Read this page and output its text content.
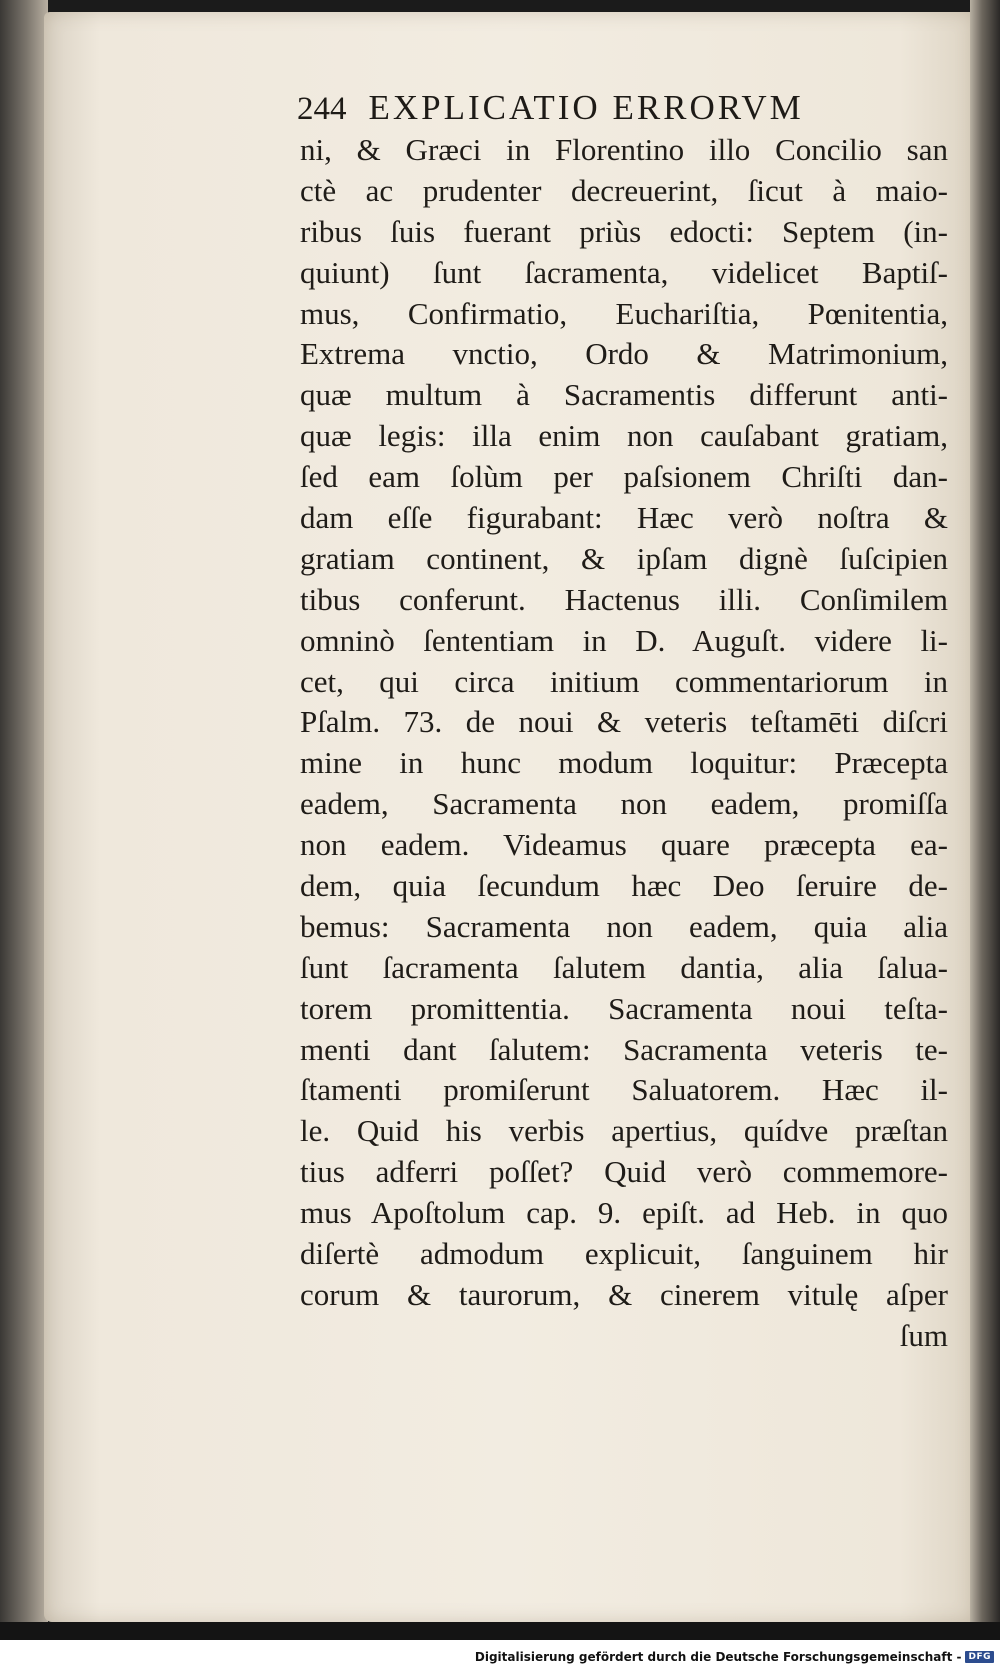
244 EXPLICATIO ERRORVM
ni, & Græci in Florentino illo Concilio san
ctè ac prudenter decreuerint, ſicut à maio-
ribus ſuis fuerant priùs edocti: Septem (in-
quiunt) ſunt ſacramenta, videlicet Baptiſ-
mus, Confirmatio, Euchariſtia, Pœnitentia,
Extrema vnctio, Ordo & Matrimonium,
quæ multum à Sacramentis differunt anti-
quæ legis: illa enim non cauſabant gratiam,
ſed eam ſolùm per paſsionem Chriſti dan-
dam eſſe figurabant: Hæc verò noſtra &
gratiam continent, & ipſam dignè ſuſcipien
tibus conferunt. Hactenus illi. Conſimilem
omninò ſententiam in D. Auguſt. videre li-
cet, qui circa initium commentariorum in
Pſalm. 73. de noui & veteris teſtamēti diſcri
mine in hunc modum loquitur: Præcepta
eadem, Sacramenta non eadem, promiſſa
non eadem. Videamus quare præcepta ea-
dem, quia ſecundum hæc Deo ſeruire de-
bemus: Sacramenta non eadem, quia alia
ſunt ſacramenta ſalutem dantia, alia ſalua-
torem promittentia. Sacramenta noui teſta-
menti dant ſalutem: Sacramenta veteris te-
ſtamenti promiſerunt Saluatorem. Hæc il-
le. Quid his verbis apertius, quídve præſtan
tius adferri poſſet? Quid verò commemore-
mus Apoſtolum cap. 9. epiſt. ad Heb. in quo
diſertè admodum explicuit, ſanguinem hir
corum & taurorum, & cinerem vitulę aſper
ſum
Digitalisierung gefördert durch die Deutsche Forschungsgemeinschaft - DFG
